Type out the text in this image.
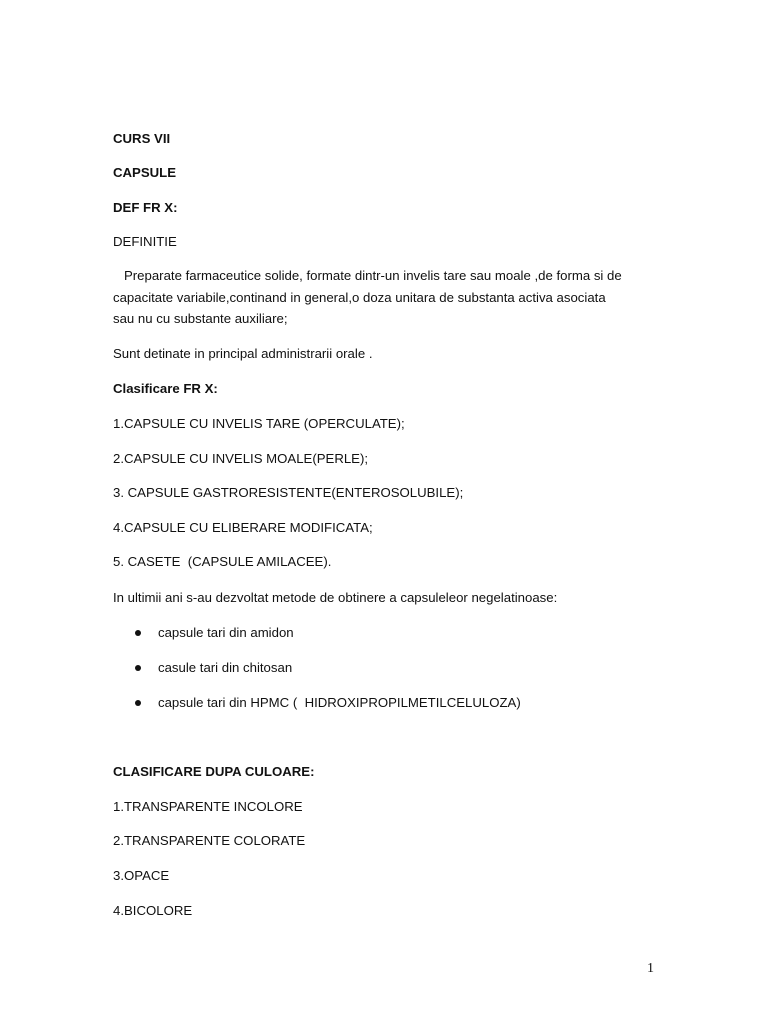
CURS VII
CAPSULE
DEF FR X:
DEFINITIE
Preparate farmaceutice solide, formate dintr-un invelis tare sau moale ,de forma si de
capacitate variabile,continand in general,o doza unitara de substanta activa asociata
sau nu cu substante auxiliare;
Sunt detinate in principal administrarii orale .
Clasificare FR X:
1.CAPSULE CU INVELIS TARE (OPERCULATE);
2.CAPSULE CU INVELIS MOALE(PERLE);
3. CAPSULE GASTRORESISTENTE(ENTEROSOLUBILE);
4.CAPSULE CU ELIBERARE MODIFICATA;
5. CASETE  (CAPSULE AMILACEE).
In ultimii ani s-au dezvoltat metode de obtinere a capsuleleor negelatinoase:
capsule tari din amidon
casule tari din chitosan
capsule tari din HPMC (  HIDROXIPROPILMETILCELULOZA)
CLASIFICARE DUPA CULOARE:
1.TRANSPARENTE INCOLORE
2.TRANSPARENTE COLORATE
3.OPACE
4.BICOLORE
1
